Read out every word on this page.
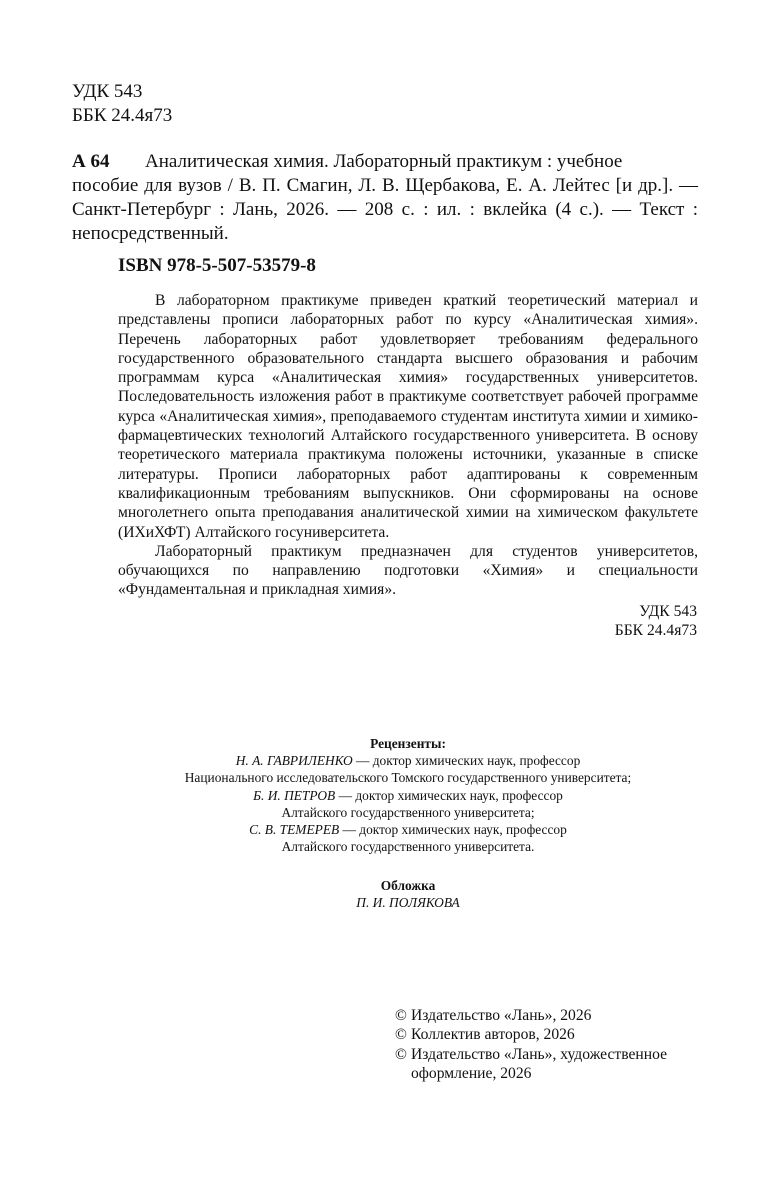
УДК 543
ББК 24.4я73
А 64 Аналитическая химия. Лабораторный практикум : учебное
пособие для вузов / В. П. Смагин, Л. В. Щербакова, Е. А. Лейтес [и др.]. — Санкт-Петербург : Лань, 2026. — 208 с. : ил. : вклейка (4 с.). — Текст : непосредственный.
ISBN 978-5-507-53579-8

В лабораторном практикуме приведен краткий теоретический материал и представлены прописи лабораторных работ по курсу «Аналитическая химия». Перечень лабораторных работ удовлетворяет требованиям федерального государственного образовательного стандарта высшего образования и рабочим программам курса «Аналитическая химия» государственных университетов. Последовательность изложения работ в практикуме соответствует рабочей программе курса «Аналитическая химия», преподаваемого студентам института химии и химико-фармацевтических технологий Алтайского государственного университета. В основу теоретического материала практикума положены источники, указанные в списке литературы. Прописи лабораторных работ адаптированы к современным квалификационным требованиям выпускников. Они сформированы на основе многолетнего опыта преподавания аналитической химии на химическом факультете (ИХиХФТ) Алтайского госуниверситета.

Лабораторный практикум предназначен для студентов университетов, обучающихся по направлению подготовки «Химия» и специальности «Фундаментальная и прикладная химия».

УДК 543
ББК 24.4я73
Рецензенты:
Н. А. ГАВРИЛЕНКО — доктор химических наук, профессор
Национального исследовательского Томского государственного университета;
Б. И. ПЕТРОВ — доктор химических наук, профессор
Алтайского государственного университета;
С. В. ТЕМЕРЕВ — доктор химических наук, профессор
Алтайского государственного университета.
Обложка
П. И. ПОЛЯКОВА
© Издательство «Лань», 2026
© Коллектив авторов, 2026
© Издательство «Лань», художественное оформление, 2026
